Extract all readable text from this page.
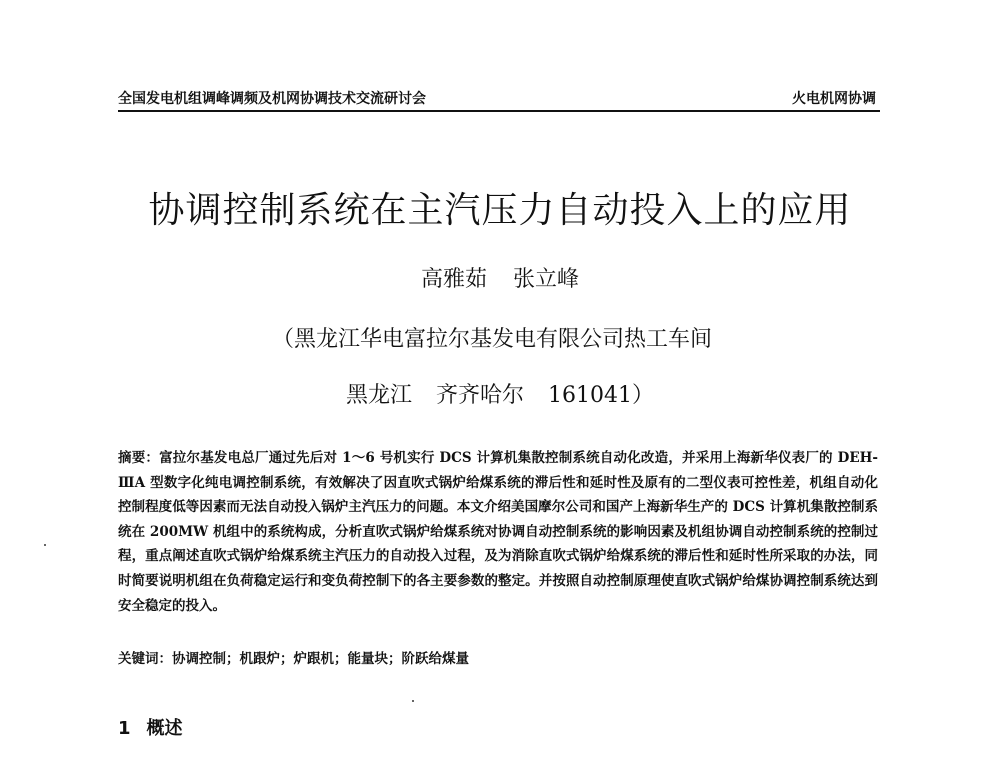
全国发电机组调峰调频及机网协调技术交流研讨会	火电机网协调
协调控制系统在主汽压力自动投入上的应用
高雅茹 张立峰
（黑龙江华电富拉尔基发电有限公司热工车间
黑龙江 齐齐哈尔 161041）
摘要：富拉尔基发电总厂通过先后对 1～6 号机实行 DCS 计算机集散控制系统自动化改造，并采用上海新华仪表厂的 DEH-ⅢA 型数字化纯电调控制系统，有效解决了因直吹式锅炉给煤系统的滞后性和延时性及原有的二型仪表可控性差，机组自动化控制程度低等因素而无法自动投入锅炉主汽压力的问题。本文介绍美国摩尔公司和国产上海新华生产的 DCS 计算机集散控制系统在 200MW 机组中的系统构成，分析直吹式锅炉给煤系统对协调自动控制系统的影响因素及机组协调自动控制系统的控制过程，重点阐述直吹式锅炉给煤系统主汽压力的自动投入过程，及为消除直吹式锅炉给煤系统的滞后性和延时性所采取的办法，同时简要说明机组在负荷稳定运行和变负荷控制下的各主要参数的整定。并按照自动控制原理使直吹式锅炉给煤协调控制系统达到安全稳定的投入。
关键词：协调控制；机跟炉；炉跟机；能量块；阶跃给煤量
1 概述
